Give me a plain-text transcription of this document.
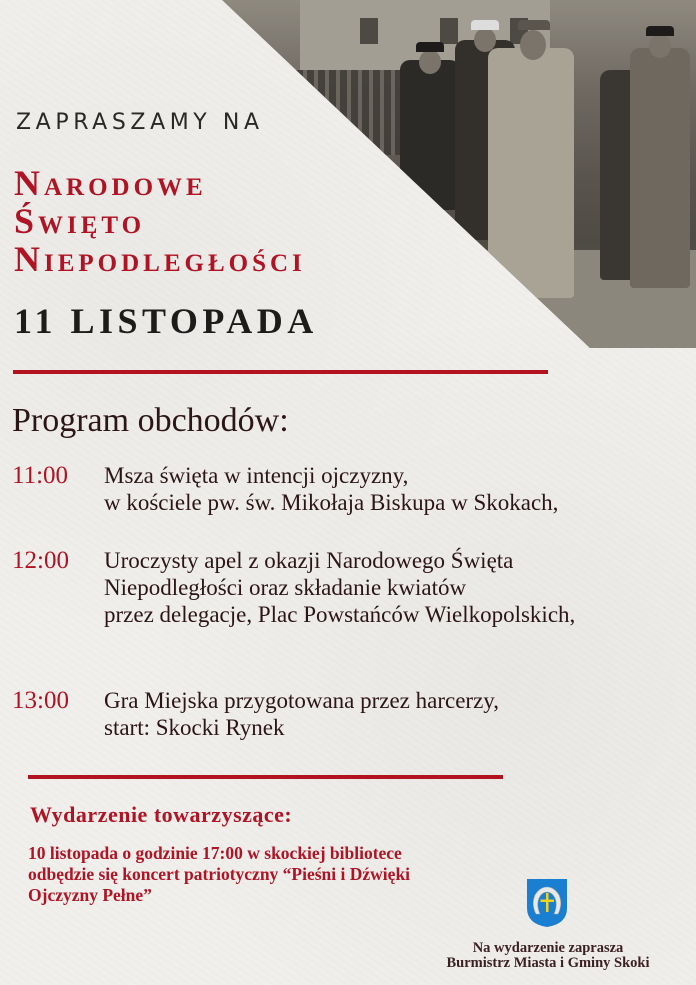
ZAPRASZAMY NA
Narodowe
Święto
Niepodległości
11 LISTOPADA
Program obchodów:
11:00 Msza święta w intencji ojczyzny,
w kościele pw. św. Mikołaja Biskupa w Skokach,
12:00 Uroczysty apel z okazji Narodowego Święta
Niepodległości oraz składanie kwiatów
przez delegacje, Plac Powstańców Wielkopolskich,
13:00 Gra Miejska przygotowana przez harcerzy,
start: Skocki Rynek
Wydarzenie towarzyszące:
10 listopada o godzinie 17:00 w skockiej bibliotece
odbędzie się koncert patriotyczny “Pieśni i Dźwięki
Ojczyzny Pełne”
Na wydarzenie zaprasza
Burmistrz Miasta i Gminy Skoki
